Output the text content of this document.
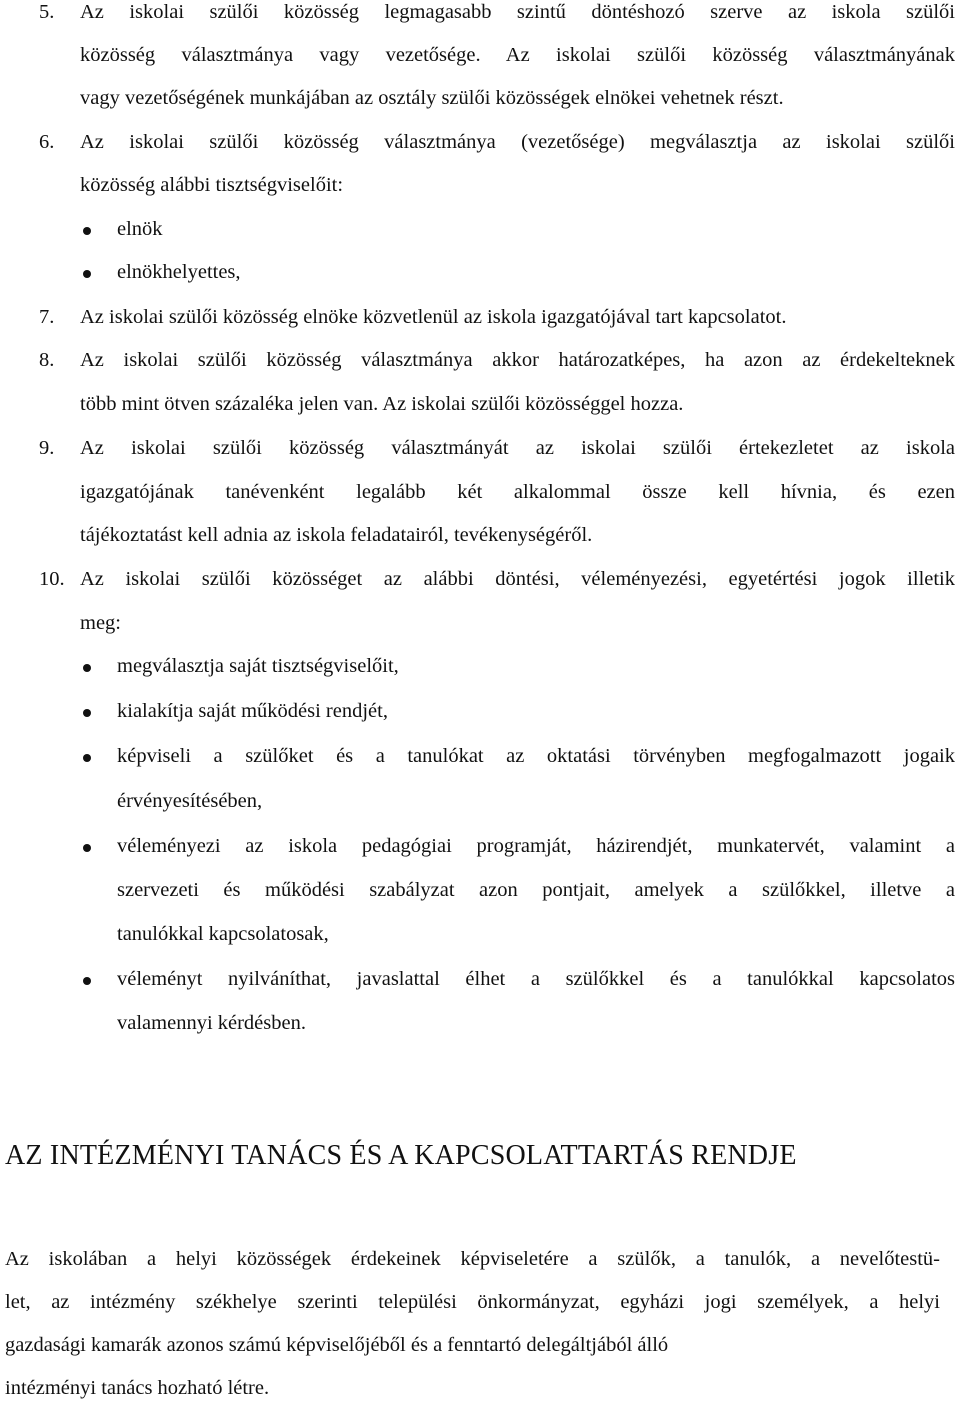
5. Az iskolai szülői közösség legmagasabb szintű döntéshozó szerve az iskola szülői
közösség választmánya vagy vezetősége. Az iskolai szülői közösség választmányának
vagy vezetőségének munkájában az osztály szülői közösségek elnökei vehetnek részt.
6. Az iskolai szülői közösség választmánya (vezetősége) megválasztja az iskolai szülői
közösség alábbi tisztségviselőit:
elnök
elnökhelyettes,
7. Az iskolai szülői közösség elnöke közvetlenül az iskola igazgatójával tart kapcsolatot.
8. Az iskolai szülői közösség választmánya akkor határozatképes, ha azon az érdekelteknek
több mint ötven százaléka jelen van. Az iskolai szülői közösséggel hozza.
9. Az iskolai szülői közösség választmányát az iskolai szülői értekezletet az iskola
igazgatójának tanévenként legalább két alkalommal össze kell hívnia, és ezen
tájékoztatást kell adnia az iskola feladatairól, tevékenységéről.
10. Az iskolai szülői közösséget az alábbi döntési, véleményezési, egyetértési jogok illetik
meg:
megválasztja saját tisztségviselőit,
kialakítja saját működési rendjét,
képviseli a szülőket és a tanulókat az oktatási törvényben megfogalmazott jogaik
érvényesítésében,
véleményezi az iskola pedagógiai programját, házirendjét, munkatervét, valamint a
szervezeti és működési szabályzat azon pontjait, amelyek a szülőkkel, illetve a
tanulókkal kapcsolatosak,
véleményt nyilváníthat, javaslattal élhet a szülőkkel és a tanulókkal kapcsolatos
valamennyi kérdésben.
AZ INTÉZMÉNYI TANÁCS ÉS A KAPCSOLATTARTÁS RENDJE
Az iskolában a helyi közösségek érdekeinek képviseletére a szülők, a tanulók, a nevelőtestü-
let, az intézmény székhelye szerinti települési önkormányzat, egyházi jogi személyek, a helyi
gazdasági kamarák azonos számú képviselőjéből és a fenntartó delegáltjából álló
intézményi tanács hozható létre.
